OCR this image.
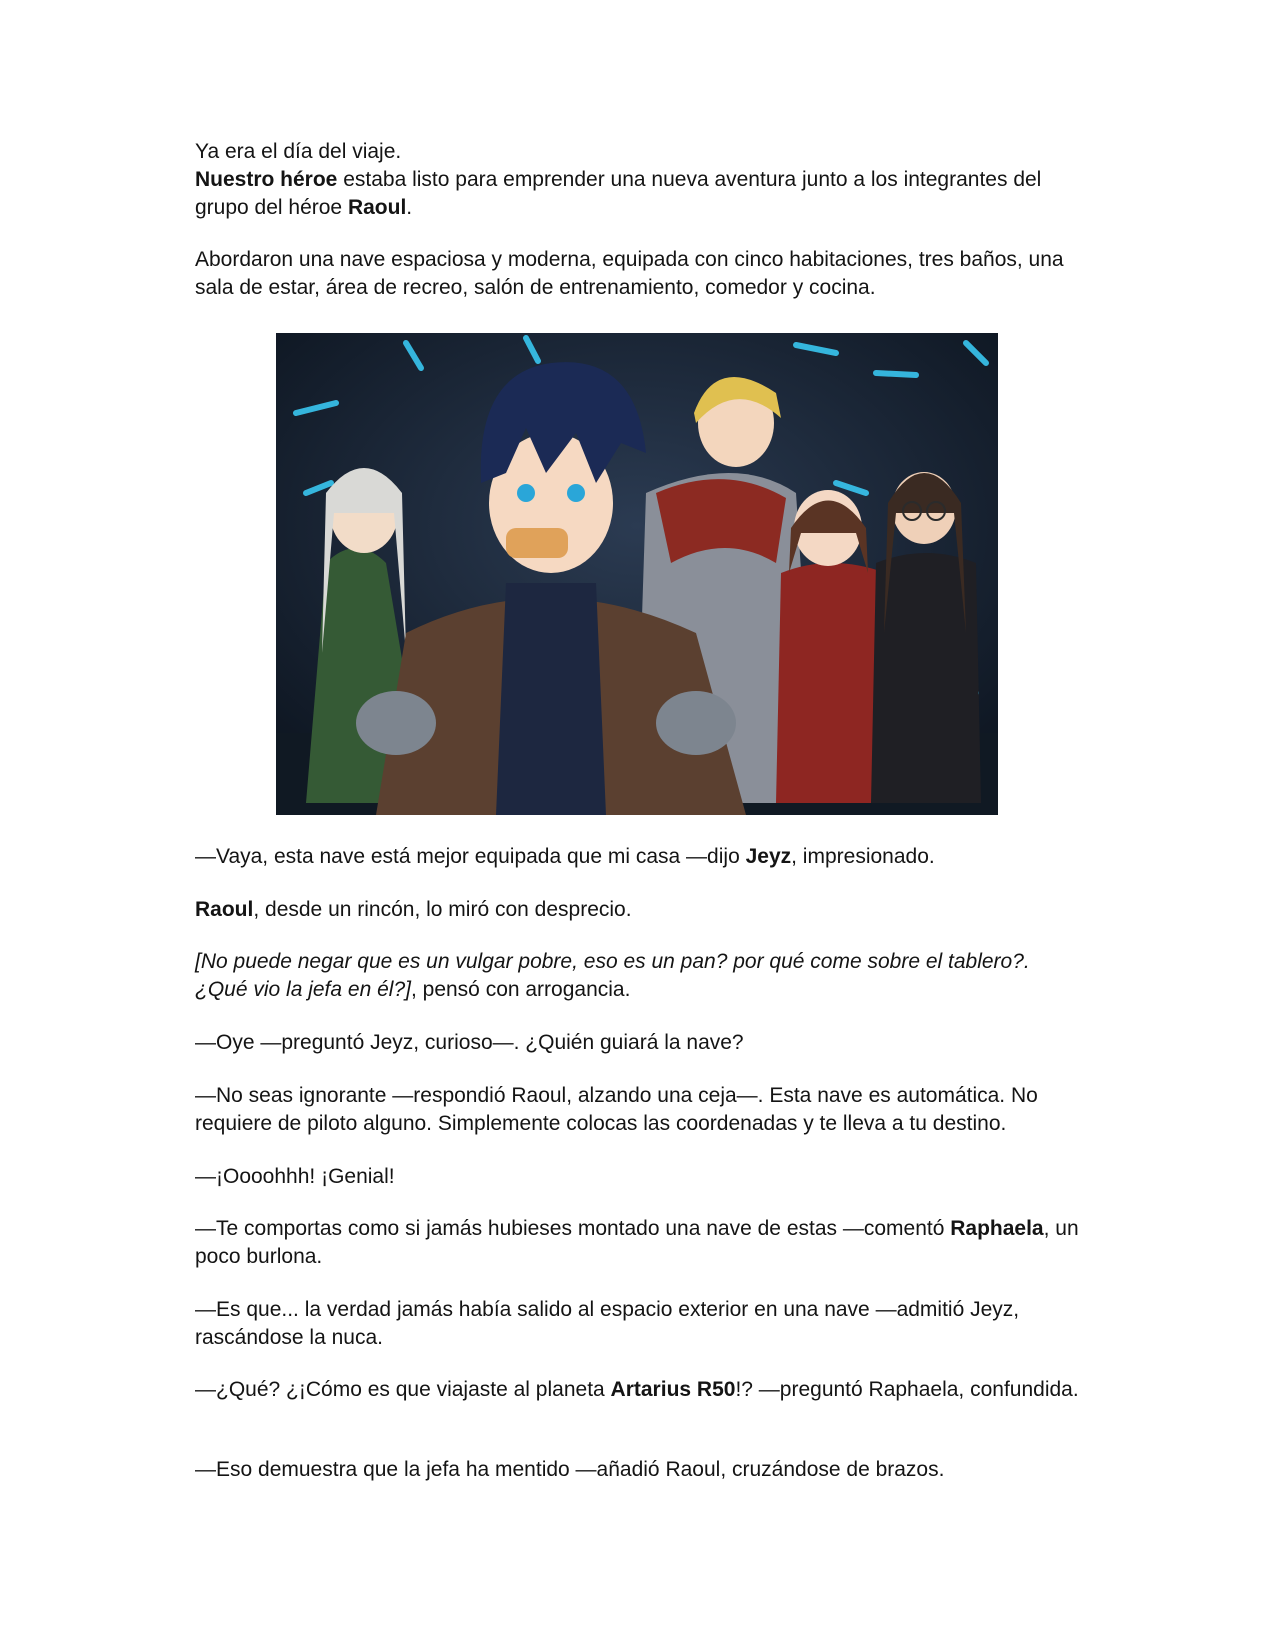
Ya era el día del viaje.

Nuestro héroe estaba listo para emprender una nueva aventura junto a los integrantes del grupo del héroe Raoul.

Abordaron una nave espaciosa y moderna, equipada con cinco habitaciones, tres baños, una sala de estar, área de recreo, salón de entrenamiento, comedor y cocina.

—Vaya, esta nave está mejor equipada que mi casa —dijo Jeyz, impresionado.

Raoul, desde un rincón, lo miró con desprecio.

[No puede negar que es un vulgar pobre, eso es un pan? por qué come sobre el tablero?. ¿Qué vio la jefa en él?], pensó con arrogancia.

—Oye —preguntó Jeyz, curioso—. ¿Quién guiará la nave?

—No seas ignorante —respondió Raoul, alzando una ceja—. Esta nave es automática. No requiere de piloto alguno. Simplemente colocas las coordenadas y te lleva a tu destino.

—¡Oooohhh! ¡Genial!

—Te comportas como si jamás hubieses montado una nave de estas —comentó Raphaela, un poco burlona.

—Es que... la verdad jamás había salido al espacio exterior en una nave —admitió Jeyz, rascándose la nuca.

—¿Qué? ¿¡Cómo es que viajaste al planeta Artarius R50!? —preguntó Raphaela, confundida.

—Eso demuestra que la jefa ha mentido —añadió Raoul, cruzándose de brazos.
